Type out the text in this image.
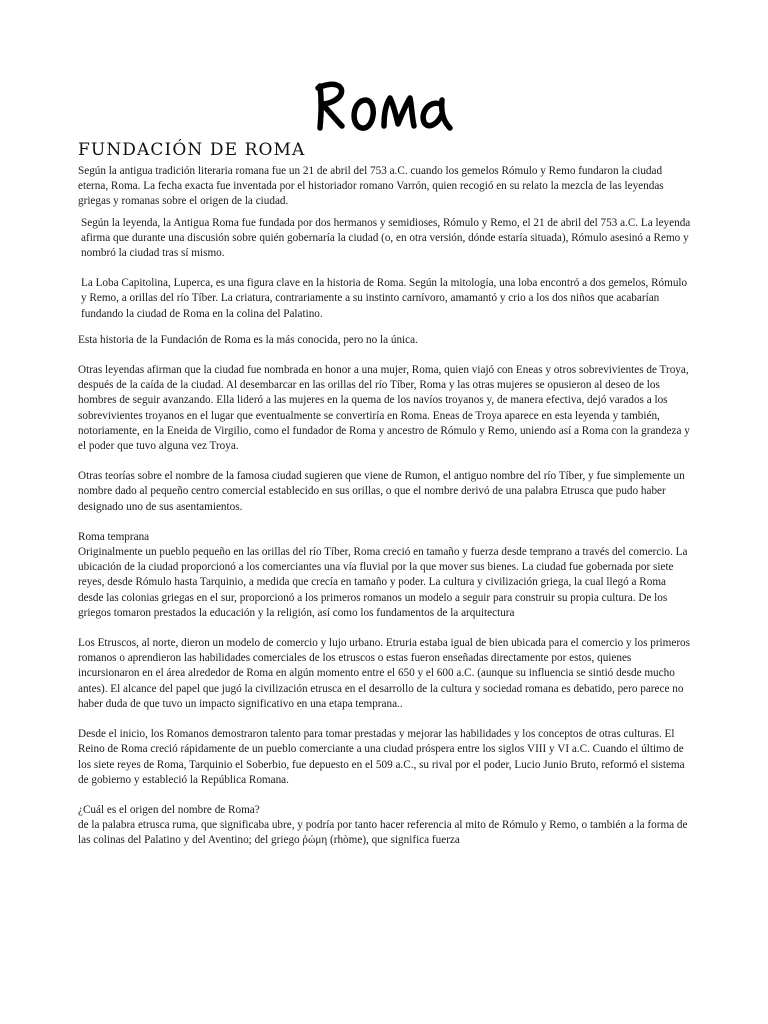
FUNDACIÓN DE ROMA

Según la antigua tradición literaria romana fue un 21 de abril del 753 a.C. cuando los gemelos Rómulo y Remo fundaron la ciudad eterna, Roma. La fecha exacta fue inventada por el historiador romano Varrón, quien recogió en su relato la mezcla de las leyendas griegas y romanas sobre el origen de la ciudad.

Según la leyenda, la Antigua Roma fue fundada por dos hermanos y semidioses, Rómulo y Remo, el 21 de abril del 753 a.C. La leyenda afirma que durante una discusión sobre quién gobernaría la ciudad (o, en otra versión, dónde estaría situada), Rómulo asesinó a Remo y nombró la ciudad tras sí mismo.

La Loba Capitolina, Luperca, es una figura clave en la historia de Roma. Según la mitología, una loba encontró a dos gemelos, Rómulo y Remo, a orillas del río Tíber. La criatura, contrariamente a su instinto carnívoro, amamantó y crio a los dos niños que acabarían fundando la ciudad de Roma en la colina del Palatino.

Esta historia de la Fundación de Roma es la más conocida, pero no la única.

Otras leyendas afirman que la ciudad fue nombrada en honor a una mujer, Roma, quien viajó con Eneas y otros sobrevivientes de Troya, después de la caída de la ciudad. Al desembarcar en las orillas del río Tíber, Roma y las otras mujeres se opusieron al deseo de los hombres de seguir avanzando. Ella lideró a las mujeres en la quema de los navíos troyanos y, de manera efectiva, dejó varados a los sobrevivientes troyanos en el lugar que eventualmente se convertiría en Roma. Eneas de Troya aparece en esta leyenda y también, notoriamente, en la Eneida de Virgilio, como el fundador de Roma y ancestro de Rómulo y Remo, uniendo así a Roma con la grandeza y el poder que tuvo alguna vez Troya.

Otras teorías sobre el nombre de la famosa ciudad sugieren que viene de Rumon, el antiguo nombre del río Tíber, y fue simplemente un nombre dado al pequeño centro comercial establecido en sus orillas, o que el nombre derivó de una palabra Etrusca que pudo haber designado uno de sus asentamientos.

Roma temprana

Originalmente un pueblo pequeño en las orillas del río Tíber, Roma creció en tamaño y fuerza desde temprano a través del comercio. La ubicación de la ciudad proporcionó a los comerciantes una vía fluvial por la que mover sus bienes. La ciudad fue gobernada por siete reyes, desde Rómulo hasta Tarquinio, a medida que crecía en tamaño y poder. La cultura y civilización griega, la cual llegó a Roma desde las colonias griegas en el sur, proporcionó a los primeros romanos un modelo a seguir para construir su propia cultura. De los griegos tomaron prestados la educación y la religión, así como los fundamentos de la arquitectura

Los Etruscos, al norte, dieron un modelo de comercio y lujo urbano. Etruria estaba igual de bien ubicada para el comercio y los primeros romanos o aprendieron las habilidades comerciales de los etruscos o estas fueron enseñadas directamente por estos, quienes incursionaron en el área alrededor de Roma en algún momento entre el 650 y el 600 a.C. (aunque su influencia se sintió desde mucho antes). El alcance del papel que jugó la civilización etrusca en el desarrollo de la cultura y sociedad romana es debatido, pero parece no haber duda de que tuvo un impacto significativo en una etapa temprana..

Desde el inicio, los Romanos demostraron talento para tomar prestadas y mejorar las habilidades y los conceptos de otras culturas. El Reino de Roma creció rápidamente de un pueblo comerciante a una ciudad próspera entre los siglos VIII y VI a.C. Cuando el último de los siete reyes de Roma, Tarquinio el Soberbio, fue depuesto en el 509 a.C., su rival por el poder, Lucio Junio Bruto, reformó el sistema de gobierno y estableció la República Romana.

¿Cuál es el origen del nombre de Roma?

de la palabra etrusca ruma, que significaba ubre, y podría por tanto hacer referencia al mito de Rómulo y Remo, o también a la forma de las colinas del Palatino y del Aventino; del griego ῥώμη (rhòme), que significa fuerza
